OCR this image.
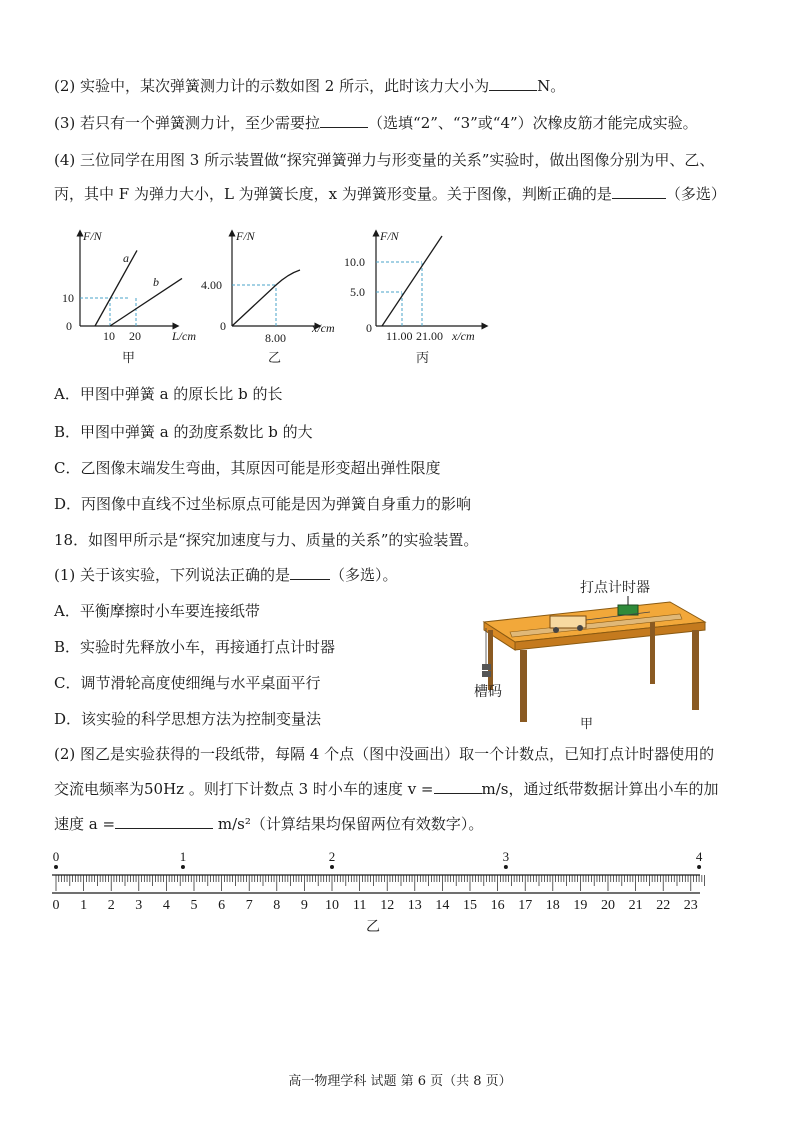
(2) 实验中，某次弹簧测力计的示数如图 2 所示，此时该力大小为	N。
(3) 若只有一个弹簧测力计，至少需要拉	（选填“2”、“3”或“4”）次橡皮筋才能完成实验。
(4) 三位同学在用图 3 所示装置做“探究弹簧弹力与形变量的关系”实验时，做出图像分别为甲、乙、
丙，其中 F 为弹力大小，L 为弹簧长度，x 为弹簧形变量。关于图像，判断正确的是	（多选）
F/N
0
10
10 20	L/cm
a
b
甲
F/N
0
4.00
8.00
x/cm
乙
F/N
0
10.0
5.0
11.00 21.00 x/cm
丙
A．甲图中弹簧 a 的原长比 b 的长
B．甲图中弹簧 a 的劲度系数比 b 的大
C．乙图像末端发生弯曲，其原因可能是形变超出弹性限度
D．丙图像中直线不过坐标原点可能是因为弹簧自身重力的影响
18．如图甲所示是“探究加速度与力、质量的关系”的实验装置。
(1) 关于该实验，下列说法正确的是	（多选）。
A．平衡摩擦时小车要连接纸带
B．实验时先释放小车，再接通打点计时器
C．调节滑轮高度使细绳与水平桌面平行
D．该实验的科学思想方法为控制变量法
打点计时器
槽码
甲
(2) 图乙是实验获得的一段纸带，每隔 4 个点（图中没画出）取一个计数点，已知打点计时器使用的
交流电频率为50Hz 。则打下计数点 3 时小车的速度 v =	m/s，通过纸带数据计算出小车的加
速度 a =	m/s²（计算结果均保留两位有效数字）。
0	1	2	3	4
0 1 2 3 4 5 6 7 8 9 10 11 12 13 14 15 16 17 18 19 20 21 22 23
乙
高一物理学科 试题 第 6 页（共 8 页）
